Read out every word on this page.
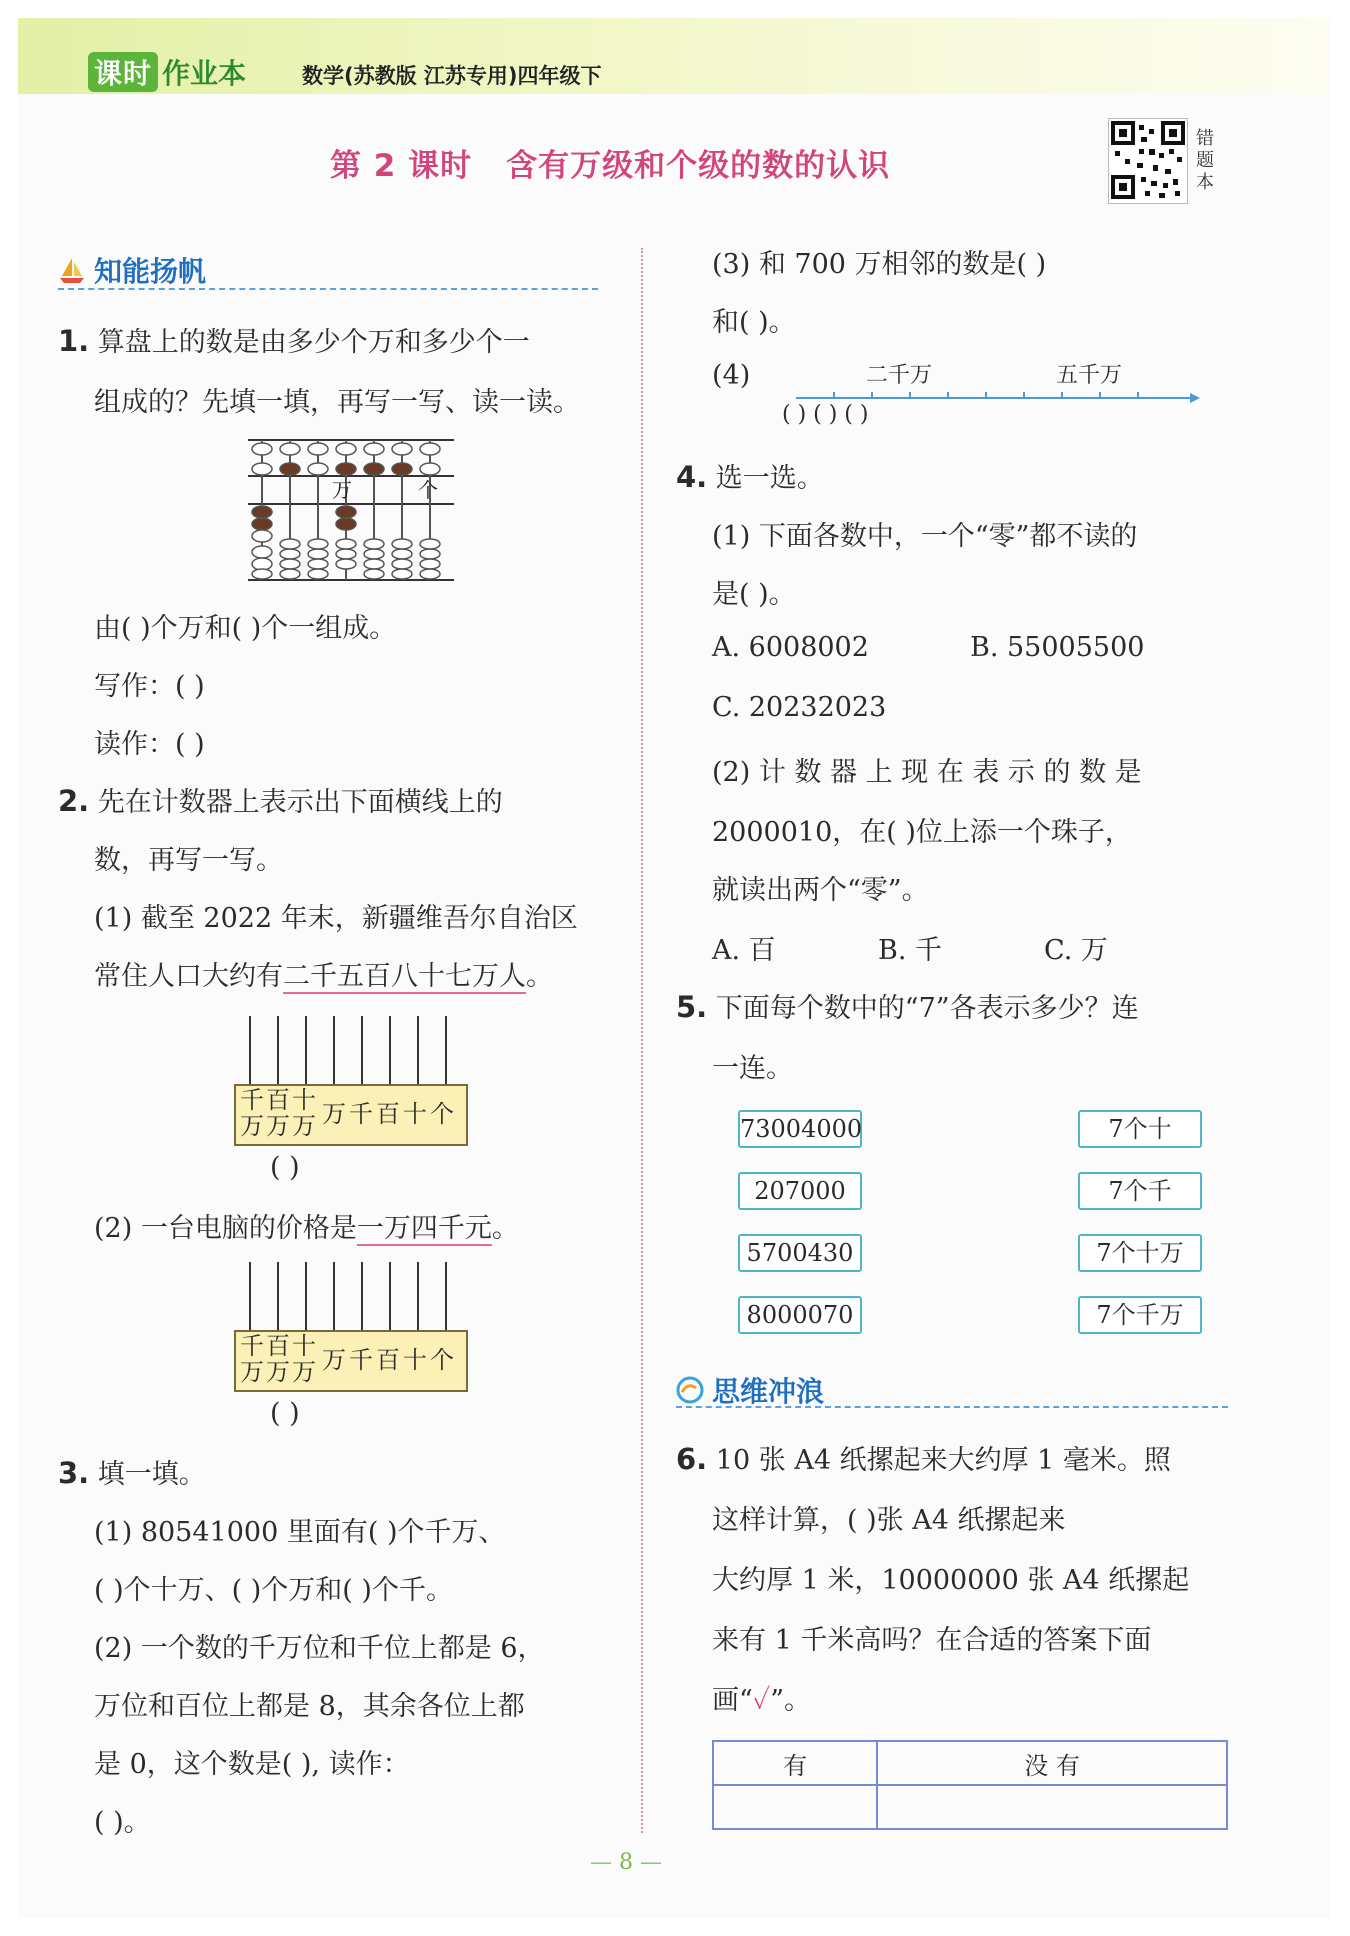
课时 作业本	数学(苏教版 江苏专用)四年级下
第 2 课时 含有万级和个级的数的认识
错题本
知能扬帆
1. 算盘上的数是由多少个万和多少个一
组成的？先填一填，再写一写、读一读。
万	个
由( )个万和( )个一组成。
写作：( )
读作：( )
2. 先在计数器上表示出下面横线上的
数，再写一写。
(1) 截至 2022 年末，新疆维吾尔自治区
常住人口大约有二千五百八十七万人。
千 百 十
万 万 万 万千百十个
( )
(2) 一台电脑的价格是一万四千元。
千 百 十
万 万 万 万千百十个
( )
3. 填一填。
(1) 80541000 里面有( )个千万、
( )个十万、( )个万和( )个千。
(2) 一个数的千万位和千位上都是 6，
万位和百位上都是 8，其余各位上都
是 0，这个数是( ), 读作：
( )。
(3) 和 700 万相邻的数是( )
和( )。
(4)	二千万	五千万
( ) ( ) ( )
4. 选一选。
(1) 下面各数中，一个“零”都不读的
是( )。
A. 6008002	B. 55005500
C. 20232023
(2) 计 数 器 上 现 在 表 示 的 数 是
2000010，在( )位上添一个珠子，
就读出两个“零”。
A. 百	B. 千	C. 万
5. 下面每个数中的“7”各表示多少？连
一连。
73004000
207000
5700430
8000070
7个十
7个千
7个十万
7个千万
思维冲浪
6. 10 张 A4 纸摞起来大约厚 1 毫米。照
这样计算，( )张 A4 纸摞起来
大约厚 1 米，10000000 张 A4 纸摞起
来有 1 千米高吗？在合适的答案下面
画“✓”。
有	没 有

— 8 —
